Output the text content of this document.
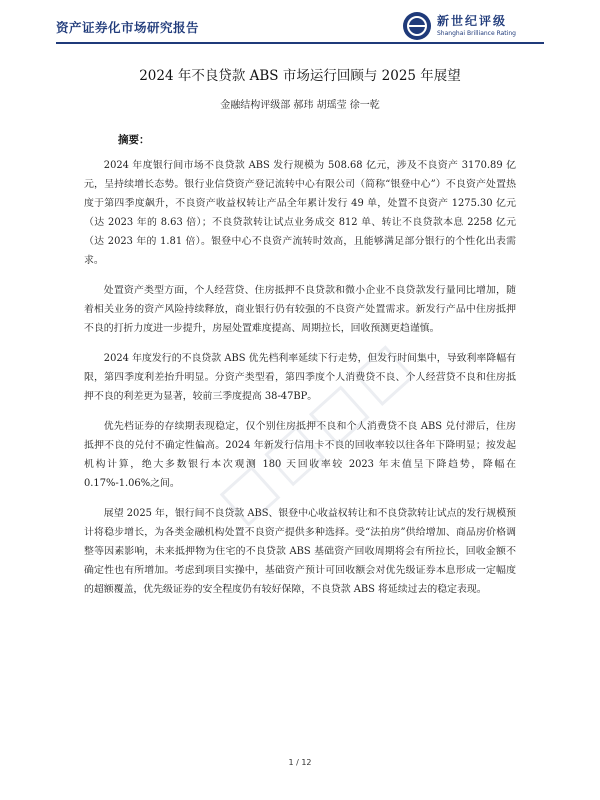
资产证券化市场研究报告	新世纪评级
Shanghai Brilliance Rating
2024 年不良贷款 ABS 市场运行回顾与 2025 年展望
金融结构评级部 郝玮 胡瑶莹 徐一乾
摘要：

2024 年度银行间市场不良贷款 ABS 发行规模为 508.68 亿元，涉及不良资产 3170.89 亿元，呈持续增长态势。银行业信贷资产登记流转中心有限公司（简称“银登中心”）不良资产处置热度于第四季度飙升，不良资产收益权转让产品全年累计发行 49 单，处置不良资产 1275.30 亿元（达 2023 年的 8.63 倍）；不良贷款转让试点业务成交 812 单、转让不良贷款本息 2258 亿元（达 2023 年的 1.81 倍）。银登中心不良资产流转时效高，且能够满足部分银行的个性化出表需求。

处置资产类型方面，个人经营贷、住房抵押不良贷款和微小企业不良贷款发行量同比增加，随着相关业务的资产风险持续释放，商业银行仍有较强的不良资产处置需求。新发行产品中住房抵押不良的打折力度进一步提升，房屋处置难度提高、周期拉长，回收预测更趋谨慎。

2024 年度发行的不良贷款 ABS 优先档利率延续下行走势，但发行时间集中，导致利率降幅有限，第四季度利差抬升明显。分资产类型看，第四季度个人消费贷不良、个人经营贷不良和住房抵押不良的利差更为显著，较前三季度提高 38-47BP。

优先档证券的存续期表现稳定，仅个别住房抵押不良和个人消费贷不良 ABS 兑付滞后，住房抵押不良的兑付不确定性偏高。2024 年新发行信用卡不良的回收率较以往各年下降明显；按发起机构计算，绝大多数银行本次观测 180 天回收率较 2023 年末值呈下降趋势，降幅在 0.17%-1.06%之间。

展望 2025 年，银行间不良贷款 ABS、银登中心收益权转让和不良贷款转让试点的发行规模预计将稳步增长，为各类金融机构处置不良资产提供多种选择。受“法拍房”供给增加、商品房价格调整等因素影响，未来抵押物为住宅的不良贷款 ABS 基础资产回收周期将会有所拉长，回收金额不确定性也有所增加。考虑到项目实操中，基础资产预计可回收额会对优先级证券本息形成一定幅度的超额覆盖，优先级证券的安全程度仍有较好保障，不良贷款 ABS 将延续过去的稳定表现。

1 / 12
